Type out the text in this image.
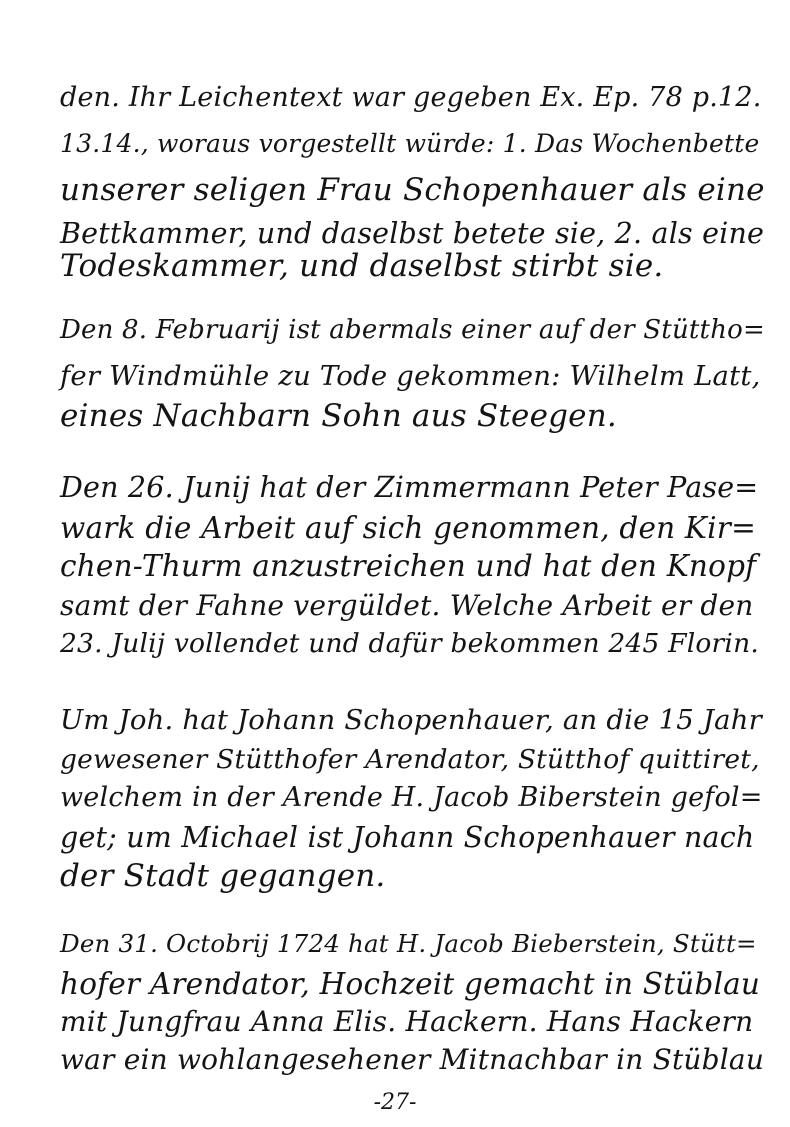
den. Ihr Leichentext war gegeben Ex. Ep. 78 p.12.
13.14., woraus vorgestellt würde: 1. Das Wochenbette
unserer seligen Frau Schopenhauer als eine
Bettkammer, und daselbst betete sie, 2. als eine
Todeskammer, und daselbst stirbt sie.
Den 8. Februarij ist abermals einer auf der Stüttho=
fer Windmühle zu Tode gekommen: Wilhelm Latt,
eines Nachbarn Sohn aus Steegen.
Den 26. Junij hat der Zimmermann Peter Pase=
wark die Arbeit auf sich genommen, den Kir=
chen-Thurm anzustreichen und hat den Knopf
samt der Fahne vergüldet. Welche Arbeit er den
23. Julij vollendet und dafür bekommen 245 Florin.
Um Joh. hat Johann Schopenhauer, an die 15 Jahr
gewesener Stütthofer Arendator, Stütthof quittiret,
welchem in der Arende H. Jacob Biberstein gefol=
get; um Michael ist Johann Schopenhauer nach
der Stadt gegangen.
Den 31. Octobrij 1724 hat H. Jacob Bieberstein, Stütt=
hofer Arendator, Hochzeit gemacht in Stüblau
mit Jungfrau Anna Elis. Hackern. Hans Hackern
war ein wohlangesehener Mitnachbar in Stüblau
-27-
